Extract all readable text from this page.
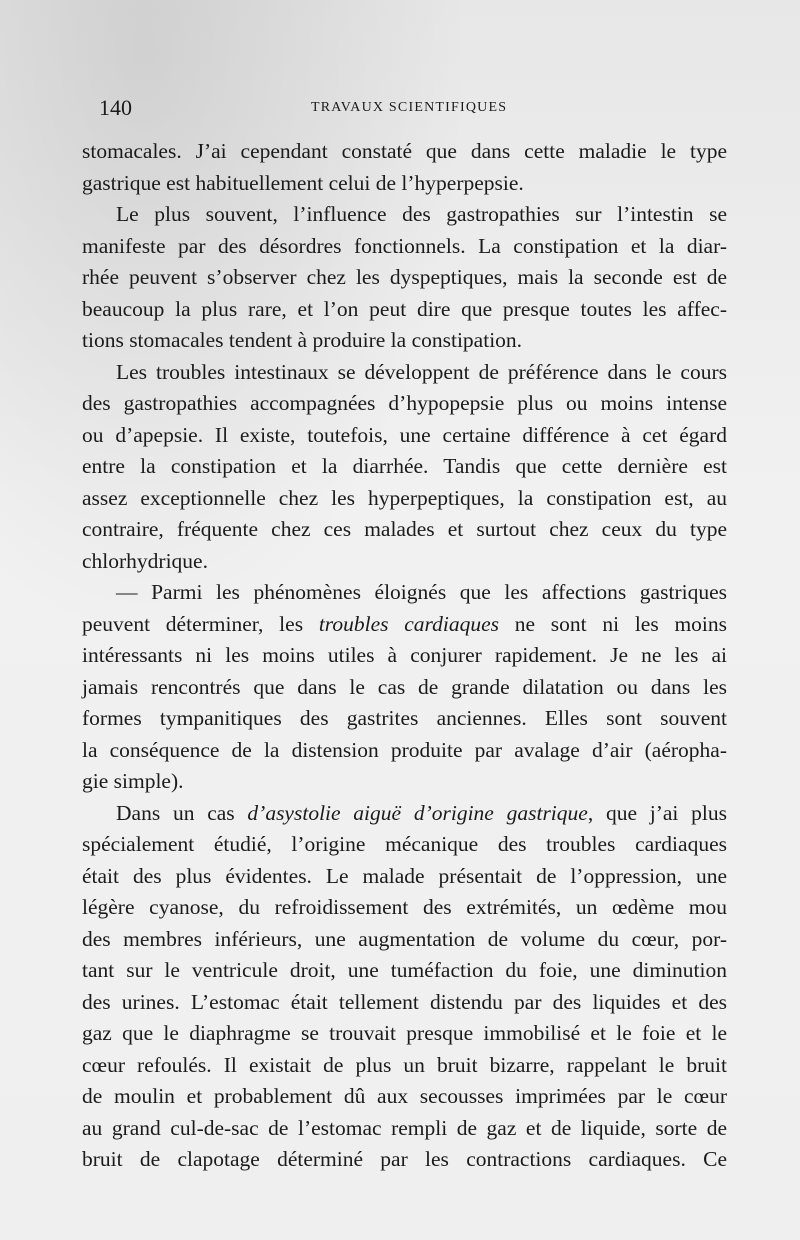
140	TRAVAUX SCIENTIFIQUES
stomacales. J’ai cependant constaté que dans cette maladie le type
gastrique est habituellement celui de l’hyperpepsie.
Le plus souvent, l’influence des gastropathies sur l’intestin se
manifeste par des désordres fonctionnels. La constipation et la diar-
rhée peuvent s’observer chez les dyspeptiques, mais la seconde est de
beaucoup la plus rare, et l’on peut dire que presque toutes les affec-
tions stomacales tendent à produire la constipation.
Les troubles intestinaux se développent de préférence dans le cours
des gastropathies accompagnées d’hypopepsie plus ou moins intense
ou d’apepsie. Il existe, toutefois, une certaine différence à cet égard
entre la constipation et la diarrhée. Tandis que cette dernière est
assez exceptionnelle chez les hyperpeptiques, la constipation est, au
contraire, fréquente chez ces malades et surtout chez ceux du type
chlorhydrique.
— Parmi les phénomènes éloignés que les affections gastriques
peuvent déterminer, les troubles cardiaques ne sont ni les moins
intéressants ni les moins utiles à conjurer rapidement. Je ne les ai
jamais rencontrés que dans le cas de grande dilatation ou dans les
formes tympanitiques des gastrites anciennes. Elles sont souvent
la conséquence de la distension produite par avalage d’air (aéropha-
gie simple).
Dans un cas d’asystolie aiguë d’origine gastrique, que j’ai plus
spécialement étudié, l’origine mécanique des troubles cardiaques
était des plus évidentes. Le malade présentait de l’oppression, une
légère cyanose, du refroidissement des extrémités, un œdème mou
des membres inférieurs, une augmentation de volume du cœur, por-
tant sur le ventricule droit, une tuméfaction du foie, une diminution
des urines. L’estomac était tellement distendu par des liquides et des
gaz que le diaphragme se trouvait presque immobilisé et le foie et le
cœur refoulés. Il existait de plus un bruit bizarre, rappelant le bruit
de moulin et probablement dû aux secousses imprimées par le cœur
au grand cul-de-sac de l’estomac rempli de gaz et de liquide, sorte de
bruit de clapotage déterminé par les contractions cardiaques. Ce
